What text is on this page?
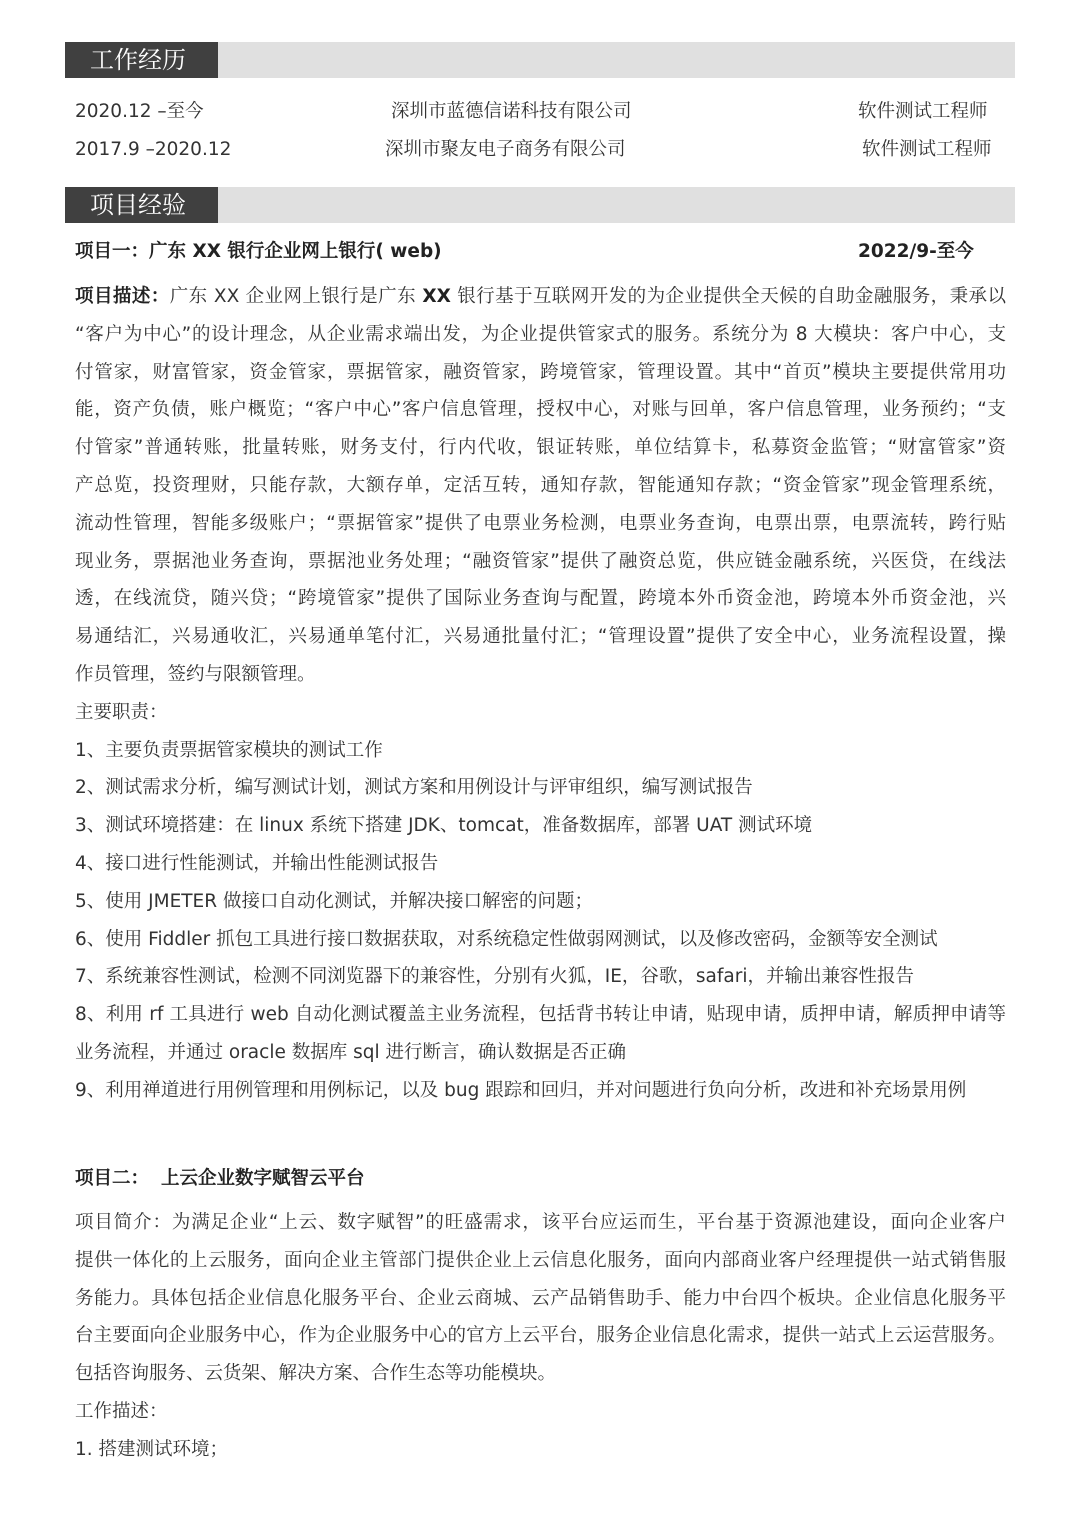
工作经历
2020.12 –至今	深圳市蓝德信诺科技有限公司	软件测试工程师
2017.9 –2020.12	深圳市聚友电子商务有限公司	软件测试工程师
项目经验
项目一：广东 XX 银行企业网上银行( web)	2022/9-至今
项目描述：广东 XX 企业网上银行是广东 XX 银行基于互联网开发的为企业提供全天候的自助金融服务，秉承以
“客户为中心”的设计理念，从企业需求端出发，为企业提供管家式的服务。系统分为 8 大模块：客户中心，支
付管家，财富管家，资金管家，票据管家，融资管家，跨境管家，管理设置。其中“首页”模块主要提供常用功
能，资产负债，账户概览；“客户中心”客户信息管理，授权中心，对账与回单，客户信息管理，业务预约；“支
付管家”普通转账，批量转账，财务支付，行内代收，银证转账，单位结算卡，私募资金监管；“财富管家”资
产总览，投资理财，只能存款，大额存单，定活互转，通知存款，智能通知存款；“资金管家”现金管理系统，
流动性管理，智能多级账户；“票据管家”提供了电票业务检测，电票业务查询，电票出票，电票流转，跨行贴
现业务，票据池业务查询，票据池业务处理；“融资管家”提供了融资总览，供应链金融系统，兴医贷，在线法
透，在线流贷，随兴贷；“跨境管家”提供了国际业务查询与配置，跨境本外币资金池，跨境本外币资金池，兴
易通结汇，兴易通收汇，兴易通单笔付汇，兴易通批量付汇；“管理设置”提供了安全中心，业务流程设置，操
作员管理，签约与限额管理。
主要职责：
1、主要负责票据管家模块的测试工作
2、测试需求分析，编写测试计划，测试方案和用例设计与评审组织，编写测试报告
3、测试环境搭建：在 linux 系统下搭建 JDK、tomcat，准备数据库，部署 UAT 测试环境
4、接口进行性能测试，并输出性能测试报告
5、使用 JMETER 做接口自动化测试，并解决接口解密的问题；
6、使用 Fiddler 抓包工具进行接口数据获取，对系统稳定性做弱网测试，以及修改密码，金额等安全测试
7、系统兼容性测试，检测不同浏览器下的兼容性，分别有火狐，IE，谷歌，safari，并输出兼容性报告
8、利用 rf 工具进行 web 自动化测试覆盖主业务流程，包括背书转让申请，贴现申请，质押申请，解质押申请等
业务流程，并通过 oracle 数据库 sql 进行断言，确认数据是否正确
9、利用禅道进行用例管理和用例标记，以及 bug 跟踪和回归，并对问题进行负向分析，改进和补充场景用例
项目二： 上云企业数字赋智云平台
项目简介：为满足企业“上云、数字赋智”的旺盛需求，该平台应运而生，平台基于资源池建设，面向企业客户
提供一体化的上云服务，面向企业主管部门提供企业上云信息化服务，面向内部商业客户经理提供一站式销售服
务能力。具体包括企业信息化服务平台、企业云商城、云产品销售助手、能力中台四个板块。企业信息化服务平
台主要面向企业服务中心，作为企业服务中心的官方上云平台，服务企业信息化需求，提供一站式上云运营服务。
包括咨询服务、云货架、解决方案、合作生态等功能模块。
工作描述：
1. 搭建测试环境；
